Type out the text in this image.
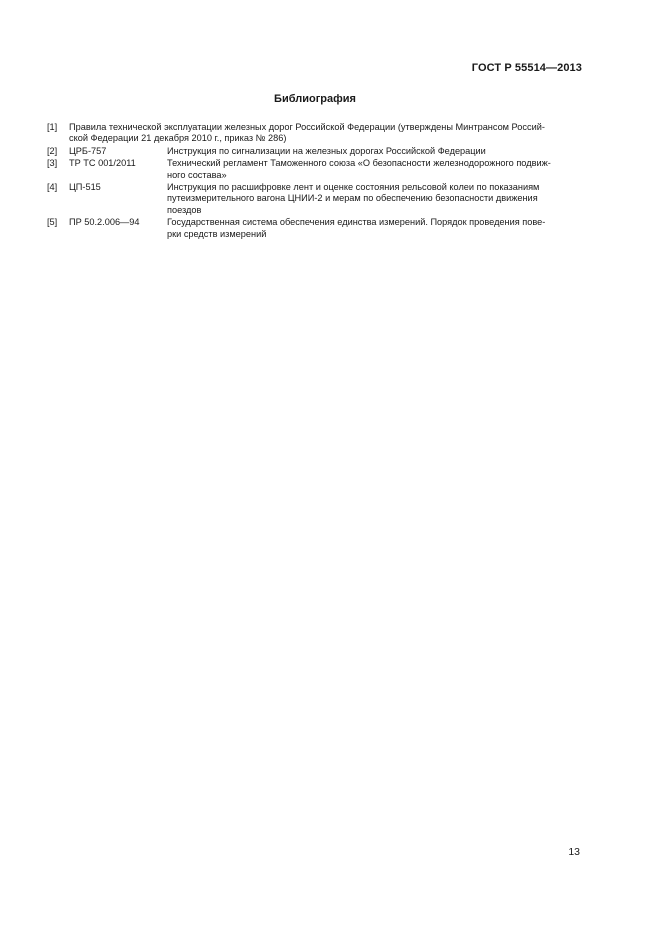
ГОСТ Р 55514—2013
Библиография
[1]	Правила технической эксплуатации железных дорог Российской Федерации (утверждены Минтрансом Россий-
ской Федерации 21 декабря 2010 г., приказ № 286)
[2]	ЦРБ-757	Инструкция по сигнализации на железных дорогах Российской Федерации
[3]	ТР ТС 001/2011	Технический регламент Таможенного союза «О безопасности железнодорожного подвиж-
ного состава»
[4]	ЦП-515	Инструкция по расшифровке лент и оценке состояния рельсовой колеи по показаниям
путеизмерительного вагона ЦНИИ-2 и мерам по обеспечению безопасности движения
поездов
[5]	ПР 50.2.006—94	Государственная система обеспечения единства измерений. Порядок проведения пове-
рки средств измерений
13
